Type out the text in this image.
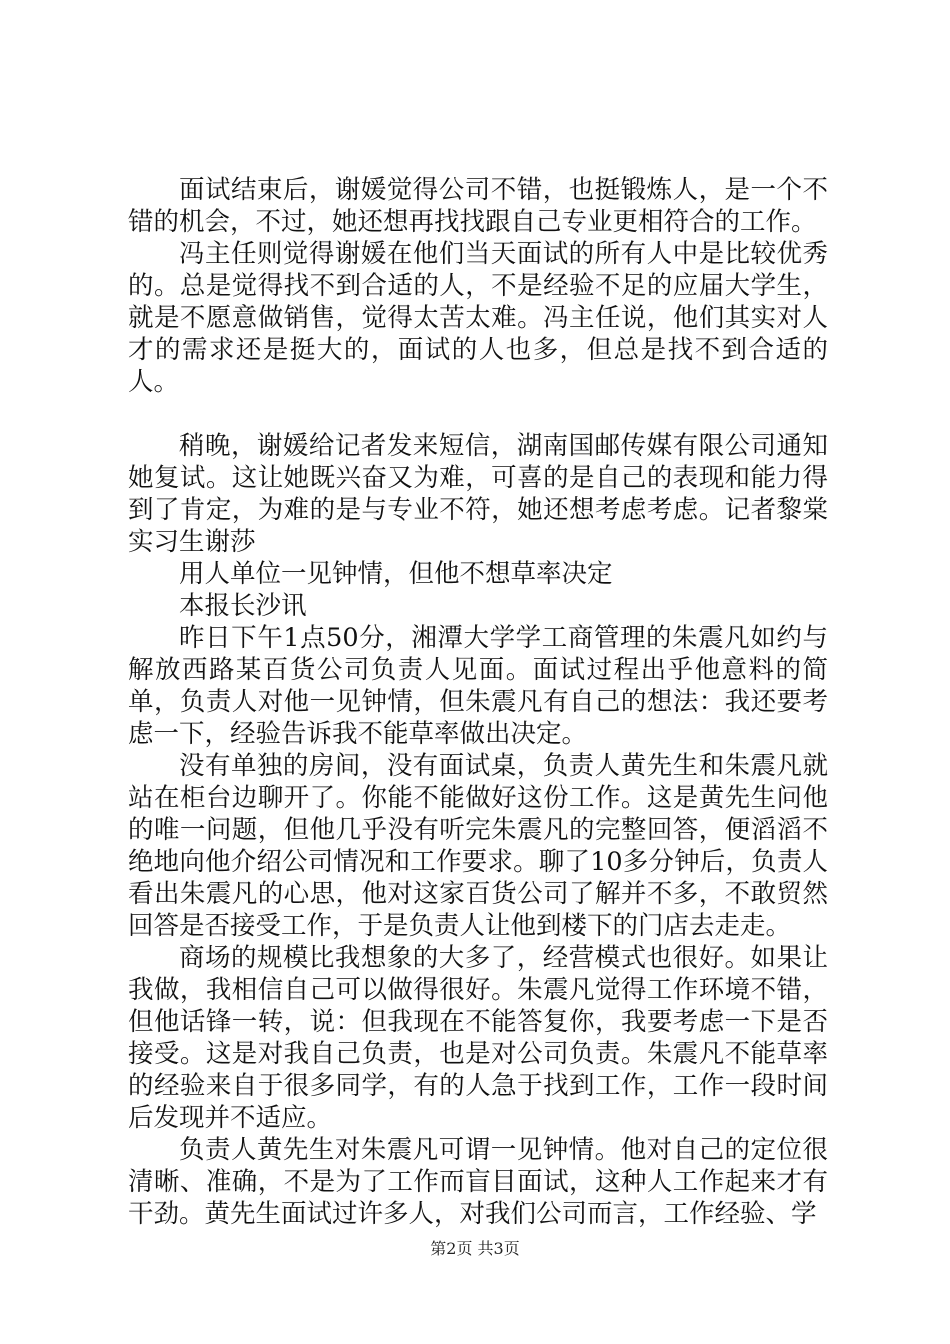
面试结束后，谢媛觉得公司不错，也挺锻炼人，是一个不错的机会，不过，她还想再找找跟自己专业更相符合的工作。

冯主任则觉得谢媛在他们当天面试的所有人中是比较优秀的。总是觉得找不到合适的人，不是经验不足的应届大学生，就是不愿意做销售，觉得太苦太难。冯主任说，他们其实对人才的需求还是挺大的，面试的人也多，但总是找不到合适的人。

稍晚，谢媛给记者发来短信，湖南国邮传媒有限公司通知她复试。这让她既兴奋又为难，可喜的是自己的表现和能力得到了肯定，为难的是与专业不符，她还想考虑考虑。记者黎棠实习生谢莎

用人单位一见钟情，但他不想草率决定

本报长沙讯

昨日下午1点50分，湘潭大学学工商管理的朱震凡如约与解放西路某百货公司负责人见面。面试过程出乎他意料的简单，负责人对他一见钟情，但朱震凡有自己的想法：我还要考虑一下，经验告诉我不能草率做出决定。

没有单独的房间，没有面试桌，负责人黄先生和朱震凡就站在柜台边聊开了。你能不能做好这份工作。这是黄先生问他的唯一问题，但他几乎没有听完朱震凡的完整回答，便滔滔不绝地向他介绍公司情况和工作要求。聊了10多分钟后，负责人看出朱震凡的心思，他对这家百货公司了解并不多，不敢贸然回答是否接受工作，于是负责人让他到楼下的门店去走走。

商场的规模比我想象的大多了，经营模式也很好。如果让我做，我相信自己可以做得很好。朱震凡觉得工作环境不错，但他话锋一转，说：但我现在不能答复你，我要考虑一下是否接受。这是对我自己负责，也是对公司负责。朱震凡不能草率的经验来自于很多同学，有的人急于找到工作，工作一段时间后发现并不适应。

负责人黄先生对朱震凡可谓一见钟情。他对自己的定位很清晰、准确，不是为了工作而盲目面试，这种人工作起来才有干劲。黄先生面试过许多人，对我们公司而言，工作经验、学

第2页 共3页
